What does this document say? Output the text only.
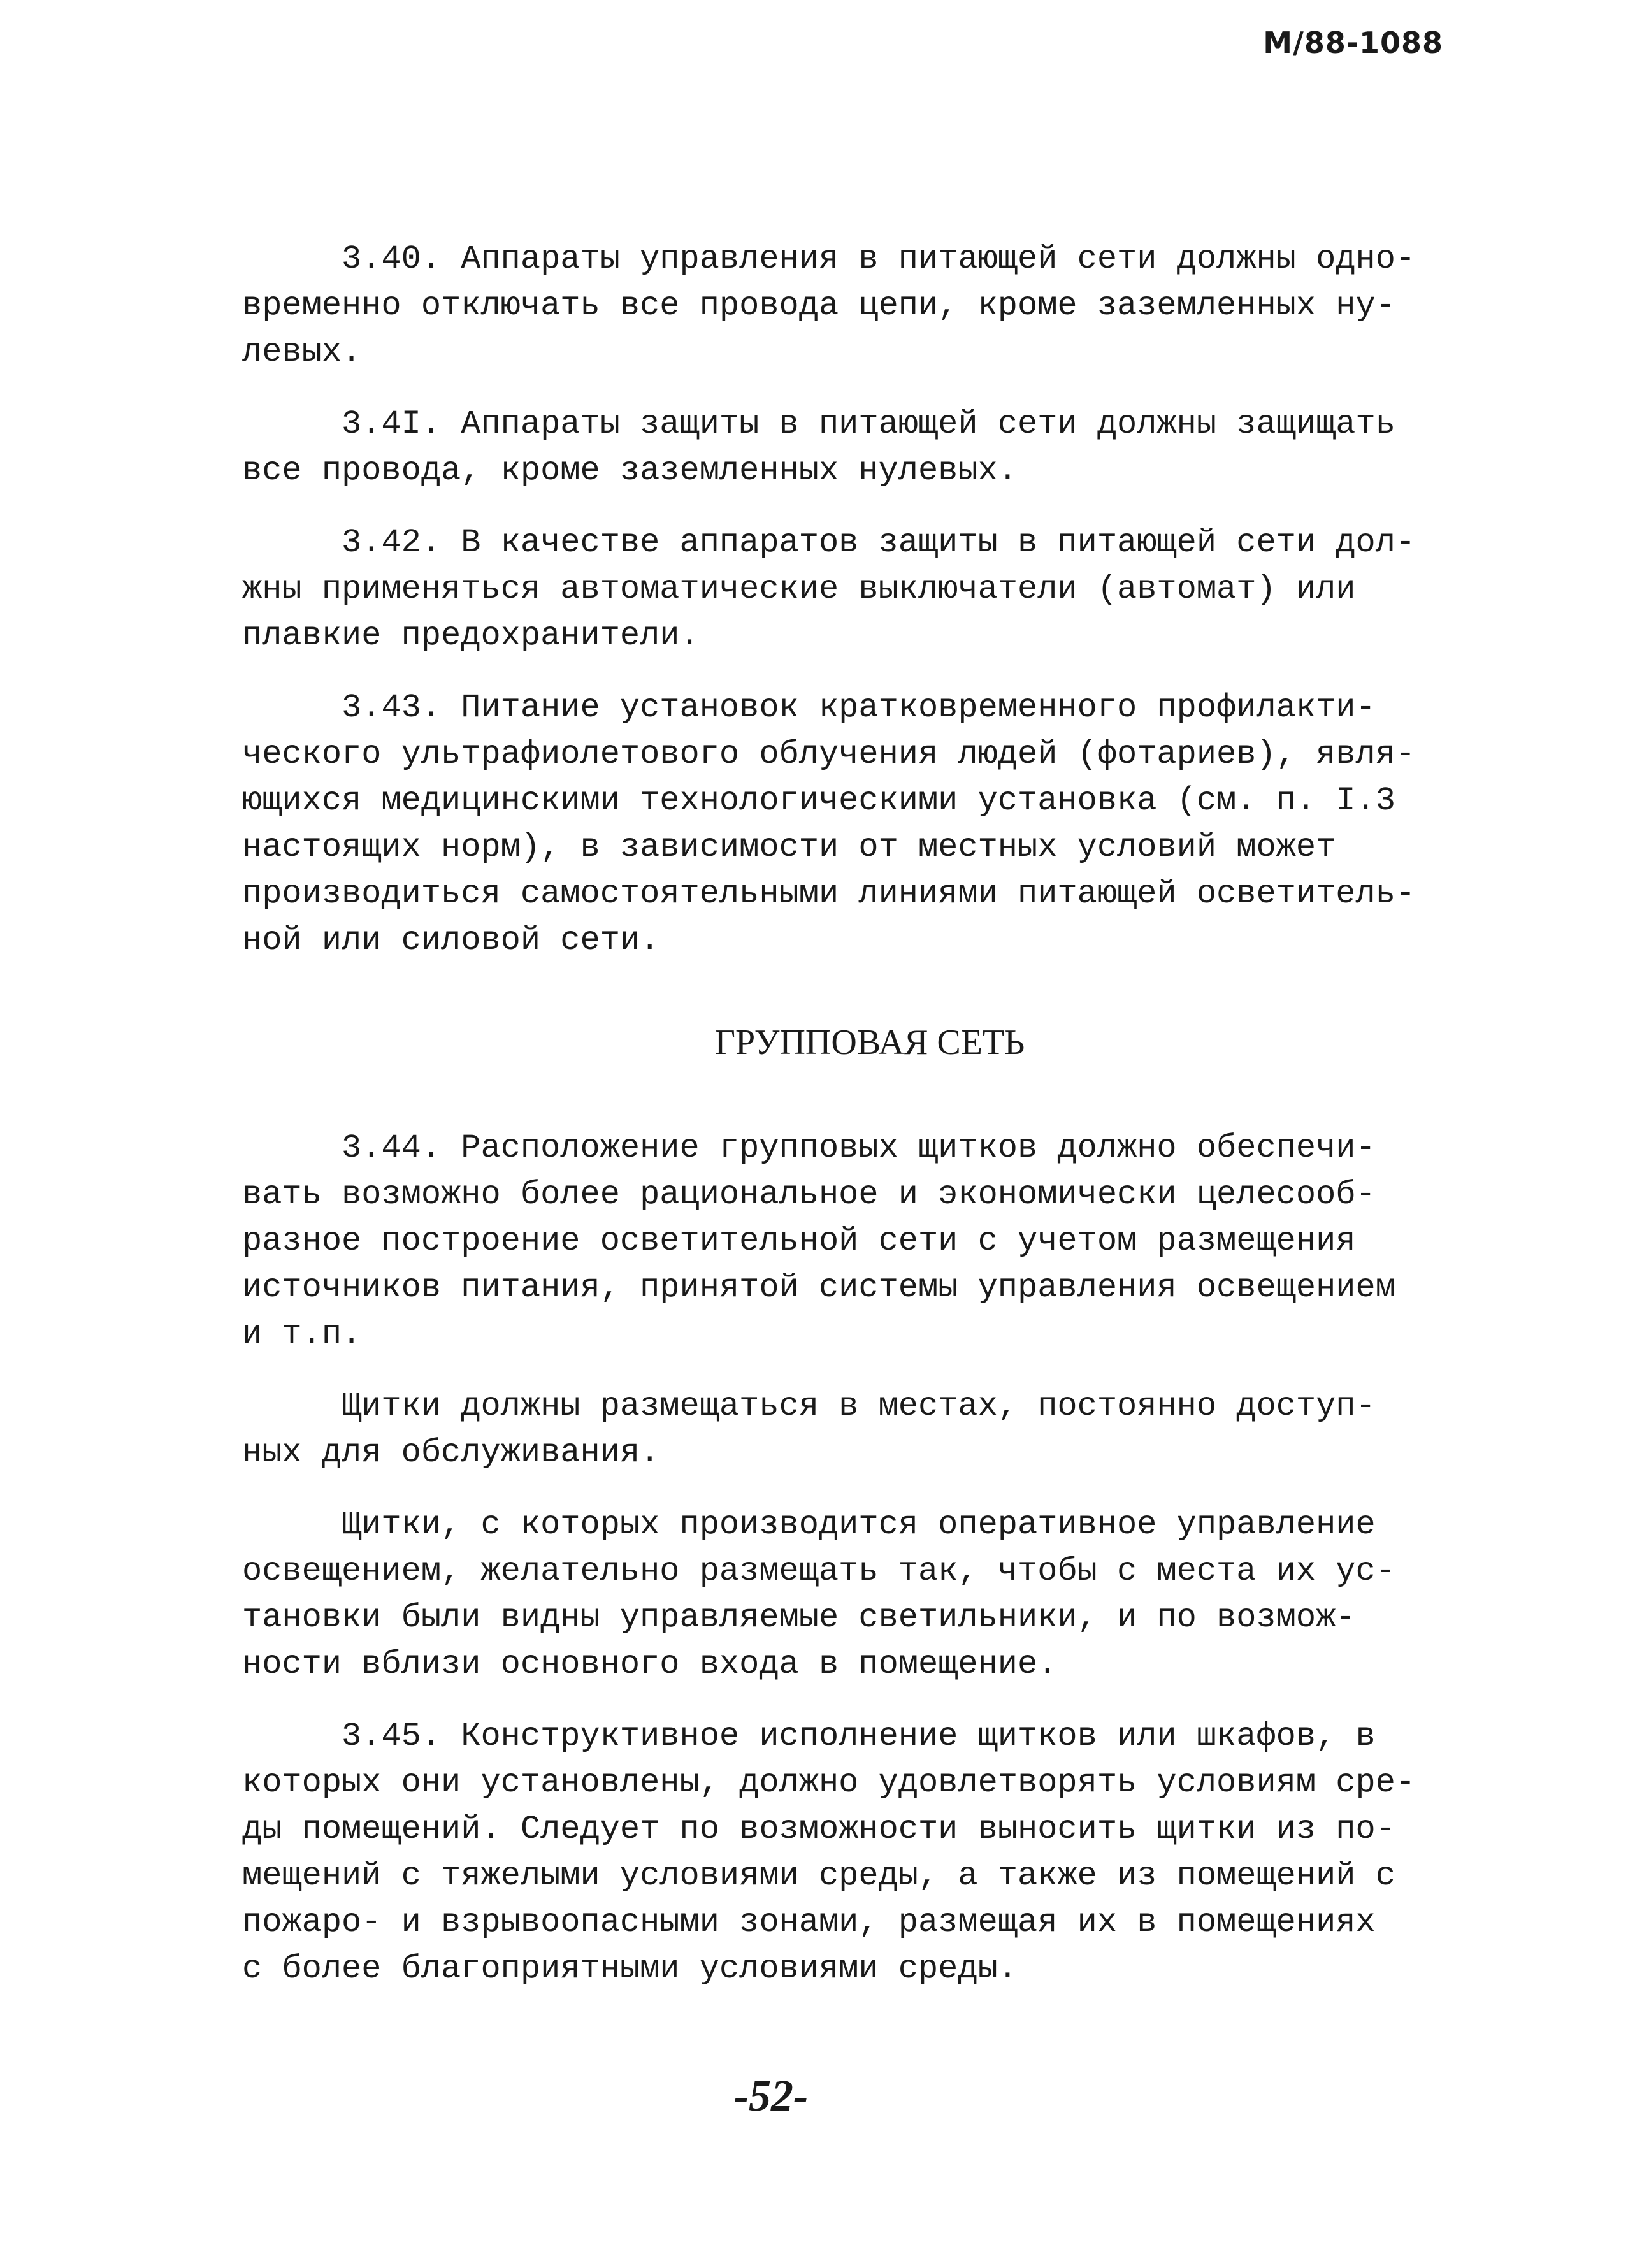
М/88-1088

3.40. Аппараты управления в питающей сети должны одно-
временно отключать все провода цепи, кроме заземленных ну-
левых.

3.4I. Аппараты защиты в питающей сети должны защищать
все провода, кроме заземленных нулевых.

3.42. В качестве аппаратов защиты в питающей сети дол-
жны применяться автоматические выключатели (автомат) или
плавкие предохранители.

3.43. Питание установок кратковременного профилакти-
ческого ультрафиолетового облучения людей (фотариев), явля-
ющихся медицинскими технологическими установка (см. п. I.3
настоящих норм), в зависимости от местных условий может
производиться самостоятельными линиями питающей осветитель-
ной или силовой сети.

ГРУППОВАЯ СЕТЬ

3.44. Расположение групповых щитков должно обеспечи-
вать возможно более рациональное и экономически целесооб-
разное построение осветительной сети с учетом размещения
источников питания, принятой системы управления освещением
и т.п.

Щитки должны размещаться в местах, постоянно доступ-
ных для обслуживания.

Щитки, с которых производится оперативное управление
освещением, желательно размещать так, чтобы с места их ус-
тановки были видны управляемые светильники, и по возмож-
ности вблизи основного входа в помещение.

3.45. Конструктивное исполнение щитков или шкафов, в
которых они установлены, должно удовлетворять условиям сре-
ды помещений. Следует по возможности выносить щитки из по-
мещений с тяжелыми условиями среды, а также из помещений с
пожаро- и взрывоопасными зонами, размещая их в помещениях
с более благоприятными условиями среды.

-52-
